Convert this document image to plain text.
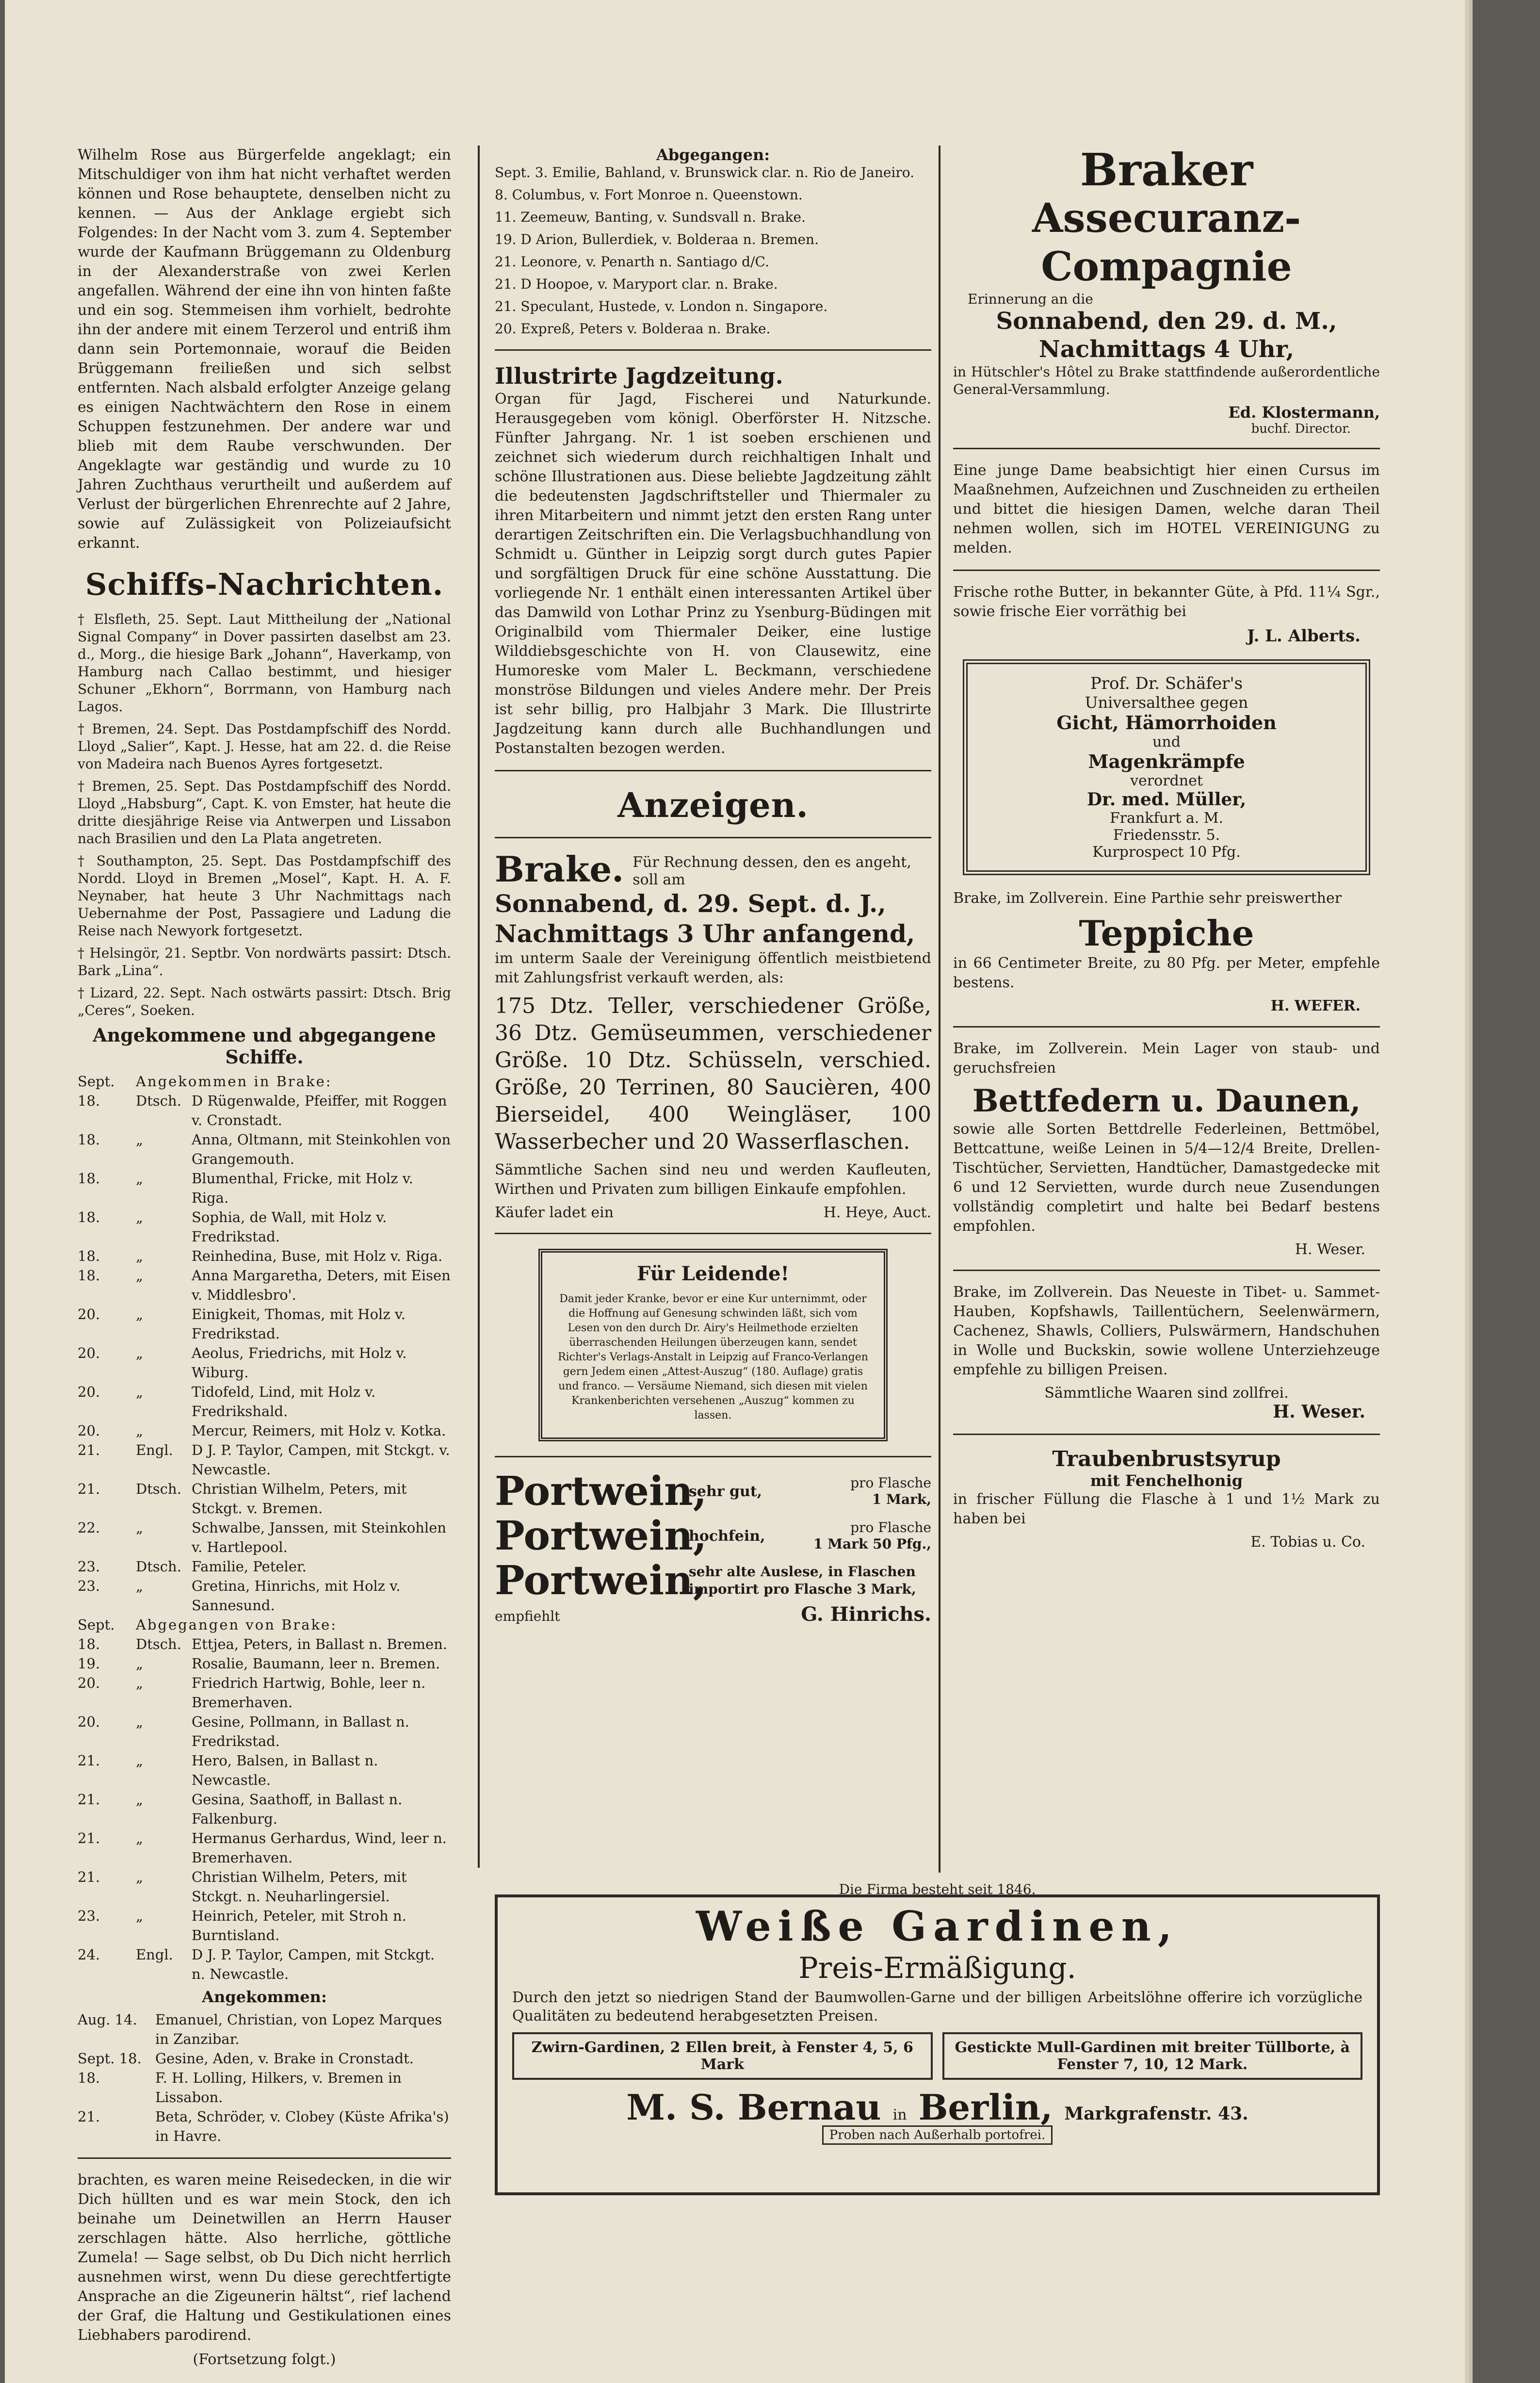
Wilhelm Rose aus Bürgerfelde angeklagt; ein Mitschuldiger von ihm hat nicht verhaftet werden können und Rose behauptete, denselben nicht zu kennen. — Aus der Anklage ergiebt sich Folgendes: In der Nacht vom 3. zum 4. September wurde der Kaufmann Brüggemann zu Oldenburg in der Alexanderstraße von zwei Kerlen angefallen. Während der eine ihn von hinten faßte und ein sog. Stemmeisen ihm vorhielt, bedrohte ihn der andere mit einem Terzerol und entriß ihm dann sein Portemonnaie, worauf die Beiden Brüggemann freiließen und sich selbst entfernten. Nach alsbald erfolgter Anzeige gelang es einigen Nachtwächtern den Rose in einem Schuppen festzunehmen. Der andere war und blieb mit dem Raube verschwunden. Der Angeklagte war geständig und wurde zu 10 Jahren Zuchthaus verurtheilt und außerdem auf Verlust der bürgerlichen Ehrenrechte auf 2 Jahre, sowie auf Zulässigkeit von Polizeiaufsicht erkannt.

Schiffs-Nachrichten.

† Elsfleth, 25. Sept. Laut Mittheilung der „National Signal Company“ in Dover passirten daselbst am 23. d., Morg., die hiesige Bark „Johann“, Haverkamp, von Hamburg nach Callao bestimmt, und hiesiger Schuner „Ekhorn“, Borrmann, von Hamburg nach Lagos.

† Bremen, 24. Sept. Das Postdampfschiff des Nordd. Lloyd „Salier“, Kapt. J. Hesse, hat am 22. d. die Reise von Madeira nach Buenos Ayres fortgesetzt.

† Bremen, 25. Sept. Das Postdampfschiff des Nordd. Lloyd „Habsburg“, Capt. K. von Emster, hat heute die dritte diesjährige Reise via Antwerpen und Lissabon nach Brasilien und den La Plata angetreten.

† Southampton, 25. Sept. Das Postdampfschiff des Nordd. Lloyd in Bremen „Mosel“, Kapt. H. A. F. Neynaber, hat heute 3 Uhr Nachmittags nach Uebernahme der Post, Passagiere und Ladung die Reise nach Newyork fortgesetzt.

† Helsingör, 21. Septbr. Von nordwärts passirt: Dtsch. Bark „Lina“.

† Lizard, 22. Sept. Nach ostwärts passirt: Dtsch. Brig „Ceres“, Soeken.

Angekommene und abgegangene Schiffe.
Sept.	Angekommen in Brake:
18.	Dtsch. D Rügenwalde, Pfeiffer, mit Roggen v. Cronstadt.
18.	„	Anna, Oltmann, mit Steinkohlen von Grangemouth.
18.	„	Blumenthal, Fricke, mit Holz v. Riga.
18.	„	Sophia, de Wall, mit Holz v. Fredrikstad.
18.	„	Reinhedina, Buse, mit Holz v. Riga.
18.	„	Anna Margaretha, Deters, mit Eisen v. Middlesbro'.
20.	„	Einigkeit, Thomas, mit Holz v. Fredrikstad.
20.	„	Aeolus, Friedrichs, mit Holz v. Wiburg.
20.	„	Tidofeld, Lind, mit Holz v. Fredrikshald.
20.	„	Mercur, Reimers, mit Holz v. Kotka.
21.	Engl.	D J. P. Taylor, Campen, mit Stckgt. v. Newcastle.
21.	Dtsch. Christian Wilhelm, Peters, mit Stckgt. v. Bremen.
22.	„	Schwalbe, Janssen, mit Steinkohlen v. Hartlepool.
23.	Dtsch. Familie, Peteler.
23.	„	Gretina, Hinrichs, mit Holz v. Sannesund.
Sept.	Abgegangen von Brake:
18.	Dtsch. Ettjea, Peters, in Ballast n. Bremen.
19.	„	Rosalie, Baumann, leer n. Bremen.
20.	„	Friedrich Hartwig, Bohle, leer n. Bremerhaven.
20.	„	Gesine, Pollmann, in Ballast n. Fredrikstad.
21.	„	Hero, Balsen, in Ballast n. Newcastle.
21.	„	Gesina, Saathoff, in Ballast n. Falkenburg.
21.	„	Hermanus Gerhardus, Wind, leer n. Bremerhaven.
21.	„	Christian Wilhelm, Peters, mit Stckgt. n. Neuharlingersiel.
23.	„	Heinrich, Peteler, mit Stroh n. Burntisland.
24.	Engl.	D J. P. Taylor, Campen, mit Stckgt. n. Newcastle.
Angekommen:
Aug. 14.	Emanuel, Christian, von Lopez Marques in Zanzibar.
Sept. 18. Gesine, Aden, v. Brake in Cronstadt.
18.	F. H. Lolling, Hilkers, v. Bremen in Lissabon.
21.	Beta, Schröder, v. Clobey (Küste Afrika's) in Havre.

brachten, es waren meine Reisedecken, in die wir Dich hüllten und es war mein Stock, den ich beinahe um Deinetwillen an Herrn Hauser zerschlagen hätte. Also herrliche, göttliche Zumela! — Sage selbst, ob Du Dich nicht herrlich ausnehmen wirst, wenn Du diese gerechtfertigte Ansprache an die Zigeunerin hältst“, rief lachend der Graf, die Haltung und Gestikulationen eines Liebhabers parodirend.

(Fortsetzung folgt.)

Abgegangen:

Sept. 3. Emilie, Bahland, v. Brunswick clar. n. Rio de Janeiro.

8. Columbus, v. Fort Monroe n. Queenstown.

11. Zeemeuw, Banting, v. Sundsvall n. Brake.

19. D Arion, Bullerdiek, v. Bolderaa n. Bremen.

21. Leonore, v. Penarth n. Santiago d/C.

21. D Hoopoe, v. Maryport clar. n. Brake.

21. Speculant, Hustede, v. London n. Singapore.

20. Expreß, Peters v. Bolderaa n. Brake.

Illustrirte Jagdzeitung.

Organ für Jagd, Fischerei und Naturkunde. Herausgegeben vom königl. Oberförster H. Nitzsche. Fünfter Jahrgang. Nr. 1 ist soeben erschienen und zeichnet sich wiederum durch reichhaltigen Inhalt und schöne Illustrationen aus. Diese beliebte Jagdzeitung zählt die bedeutensten Jagdschriftsteller und Thiermaler zu ihren Mitarbeitern und nimmt jetzt den ersten Rang unter derartigen Zeitschriften ein. Die Verlagsbuchhandlung von Schmidt u. Günther in Leipzig sorgt durch gutes Papier und sorgfältigen Druck für eine schöne Ausstattung. Die vorliegende Nr. 1 enthält einen interessanten Artikel über das Damwild von Lothar Prinz zu Ysenburg-Büdingen mit Originalbild vom Thiermaler Deiker, eine lustige Wilddiebsgeschichte von H. von Clausewitz, eine Humoreske vom Maler L. Beckmann, verschiedene monströse Bildungen und vieles Andere mehr. Der Preis ist sehr billig, pro Halbjahr 3 Mark. Die Illustrirte Jagdzeitung kann durch alle Buchhandlungen und Postanstalten bezogen werden.

Anzeigen.
Brake. Für Rechnung dessen, den es angeht, soll am
Sonnabend, d. 29. Sept. d. J.,
Nachmittags 3 Uhr anfangend,

im unterm Saale der Vereinigung öffentlich meistbietend mit Zahlungsfrist verkauft werden, als:

175 Dtz. Teller, verschiedener Größe, 36 Dtz. Gemüseummen, verschiedener Größe. 10 Dtz. Schüsseln, verschied. Größe, 20 Terrinen, 80 Saucièren, 400 Bierseidel, 400 Weingläser, 100 Wasserbecher und 20 Wasserflaschen.

Sämmtliche Sachen sind neu und werden Kaufleuten, Wirthen und Privaten zum billigen Einkaufe empfohlen.

Käufer ladet ein	H. Heye, Auct.
Für Leidende!

Damit jeder Kranke, bevor er eine Kur unternimmt, oder die Hoffnung auf Genesung schwinden läßt, sich vom Lesen von den durch Dr. Airy's Heilmethode erzielten überraschenden Heilungen überzeugen kann, sendet Richter's Verlags-Anstalt in Leipzig auf Franco-Verlangen gern Jedem einen „Attest-Auszug“ (180. Auflage) gratis und franco. — Versäume Niemand, sich diesen mit vielen Krankenberichten versehenen „Auszug“ kommen zu lassen.

Portwein,
sehr gut,	pro Flasche
1 Mark,
Portwein,
hochfein,	pro Flasche
1 Mark 50 Pfg.,
Portwein,
sehr alte Auslese, in Flaschen importirt pro Flasche 3 Mark,
empfiehlt	G. Hinrichs.
Braker
Assecuranz-Compagnie
Erinnerung an die
Sonnabend, den 29. d. M.,
Nachmittags 4 Uhr,

in Hütschler's Hôtel zu Brake stattfindende außerordentliche General-Versammlung.

Ed. Klostermann,
buchf. Director.

Eine junge Dame beabsichtigt hier einen Cursus im Maaßnehmen, Aufzeichnen und Zuschneiden zu ertheilen und bittet die hiesigen Damen, welche daran Theil nehmen wollen, sich im HOTEL VEREINIGUNG zu melden.

Frische rothe Butter, in bekannter Güte, à Pfd. 11¼ Sgr., sowie frische Eier vorräthig bei

J. L. Alberts.
Prof. Dr. Schäfer's
Universalthee gegen
Gicht, Hämorrhoiden
und
Magenkrämpfe
verordnet
Dr. med. Müller,
Frankfurt a. M.
Friedensstr. 5.
Kurprospect 10 Pfg.

Brake, im Zollverein. Eine Parthie sehr preiswerther

Teppiche

in 66 Centimeter Breite, zu 80 Pfg. per Meter, empfehle bestens.

H. WEFER.

Brake, im Zollverein. Mein Lager von staub- und geruchsfreien

Bettfedern u. Daunen,

sowie alle Sorten Bettdrelle Federleinen, Bettmöbel, Bettcattune, weiße Leinen in 5/4—12/4 Breite, Drellen-Tischtücher, Servietten, Handtücher, Damastgedecke mit 6 und 12 Servietten, wurde durch neue Zusendungen vollständig completirt und halte bei Bedarf bestens empfohlen.

H. Weser.

Brake, im Zollverein. Das Neueste in Tibet- u. Sammet-Hauben, Kopfshawls, Taillentüchern, Seelenwärmern, Cachenez, Shawls, Colliers, Pulswärmern, Handschuhen in Wolle und Buckskin, sowie wollene Unterziehzeuge empfehle zu billigen Preisen.

Sämmtliche Waaren sind zollfrei.
H. Weser.
Traubenbrustsyrup
mit Fenchelhonig

in frischer Füllung die Flasche à 1 und 1½ Mark zu haben bei

E. Tobias u. Co.
Die Firma besteht seit 1846.
Weiße Gardinen,
Preis-Ermäßigung.

Durch den jetzt so niedrigen Stand der Baumwollen-Garne und der billigen Arbeitslöhne offerire ich vorzügliche Qualitäten zu bedeutend herabgesetzten Preisen.

Zwirn-Gardinen, 2 Ellen breit, à Fenster 4, 5, 6 Mark
Gestickte Mull-Gardinen mit breiter Tüllborte, à Fenster 7, 10, 12 Mark.
M. S. Bernau in Berlin, Markgrafenstr. 43.
Proben nach Außerhalb portofrei.
